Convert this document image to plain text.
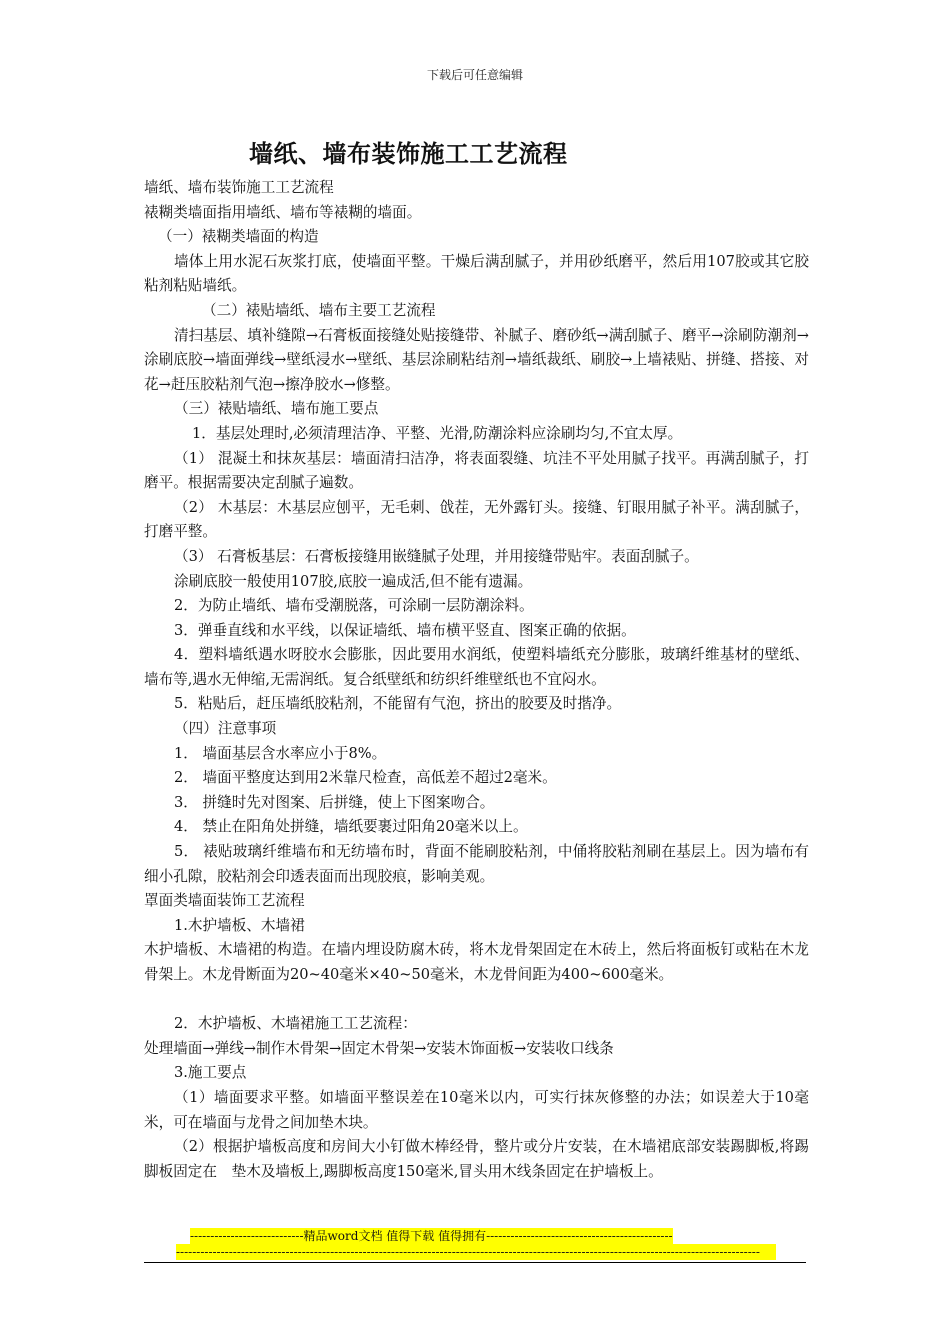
下载后可任意编辑
墙纸、墙布装饰施工工艺流程

墙纸、墙布装饰施工工艺流程

裱糊类墙面指用墙纸、墙布等裱糊的墙面。

（一）裱糊类墙面的构造

墙体上用水泥石灰浆打底，使墙面平整。干燥后满刮腻子，并用砂纸磨平，然后用107胶或其它胶粘剂粘贴墙纸。

（二）裱贴墙纸、墙布主要工艺流程

清扫基层、填补缝隙→石膏板面接缝处贴接缝带、补腻子、磨砂纸→满刮腻子、磨平→涂刷防潮剂→涂刷底胶→墙面弹线→壁纸浸水→壁纸、基层涂刷粘结剂→墙纸裁纸、刷胶→上墙裱贴、拼缝、搭接、对花→赶压胶粘剂气泡→擦净胶水→修整。

（三）裱贴墙纸、墙布施工要点

1．基层处理时,必须清理洁净、平整、光滑,防潮涂料应涂刷均匀,不宜太厚。

（1） 混凝土和抹灰基层：墙面清扫洁净，将表面裂缝、坑洼不平处用腻子找平。再满刮腻子，打磨平。根据需要决定刮腻子遍数。

（2） 木基层：木基层应刨平，无毛刺、戗茬，无外露钉头。接缝、钉眼用腻子补平。满刮腻子，打磨平整。

（3） 石膏板基层：石膏板接缝用嵌缝腻子处理，并用接缝带贴牢。表面刮腻子。

涂刷底胶一般使用107胶,底胶一遍成活,但不能有遗漏。

2．为防止墙纸、墙布受潮脱落，可涂刷一层防潮涂料。

3．弹垂直线和水平线，以保证墙纸、墙布横平竖直、图案正确的依据。

4．塑料墙纸遇水呀胶水会膨胀，因此要用水润纸，使塑料墙纸充分膨胀，玻璃纤维基材的壁纸、墙布等,遇水无伸缩,无需润纸。复合纸壁纸和纺织纤维壁纸也不宜闷水。

5．粘贴后，赶压墙纸胶粘剂，不能留有气泡，挤出的胶要及时揩净。

（四）注意事项

1． 墙面基层含水率应小于8%。

2． 墙面平整度达到用2米靠尺检查，高低差不超过2毫米。

3． 拼缝时先对图案、后拼缝，使上下图案吻合。

4． 禁止在阳角处拼缝，墙纸要裹过阳角20毫米以上。

5． 裱贴玻璃纤维墙布和无纺墙布时，背面不能刷胶粘剂，中俑将胶粘剂刷在基层上。因为墙布有细小孔隙，胶粘剂会印透表面而出现胶痕，影响美观。

罩面类墙面装饰工艺流程

1.木护墙板、木墙裙

木护墙板、木墙裙的构造。在墙内埋设防腐木砖，将木龙骨架固定在木砖上，然后将面板钉或粘在木龙骨架上。木龙骨断面为20~40毫米×40~50毫米，木龙骨间距为400~600毫米。

2．木护墙板、木墙裙施工工艺流程：

处理墙面→弹线→制作木骨架→固定木骨架→安装木饰面板→安装收口线条

3.施工要点

（1）墙面要求平整。如墙面平整误差在10毫米以内，可实行抹灰修整的办法；如误差大于10毫米，可在墙面与龙骨之间加垫木块。

（2）根据护墙板高度和房间大小钉做木棒经骨，整片或分片安装，在木墙裙底部安装踢脚板,将踢脚板固定在　垫木及墙板上,踢脚板高度150毫米,冒头用木线条固定在护墙板上。

----------------------------精品word文档 值得下载 值得拥有----------------------------------------------
------------------------------------------------------------------------------------------------------------------------------------------------
